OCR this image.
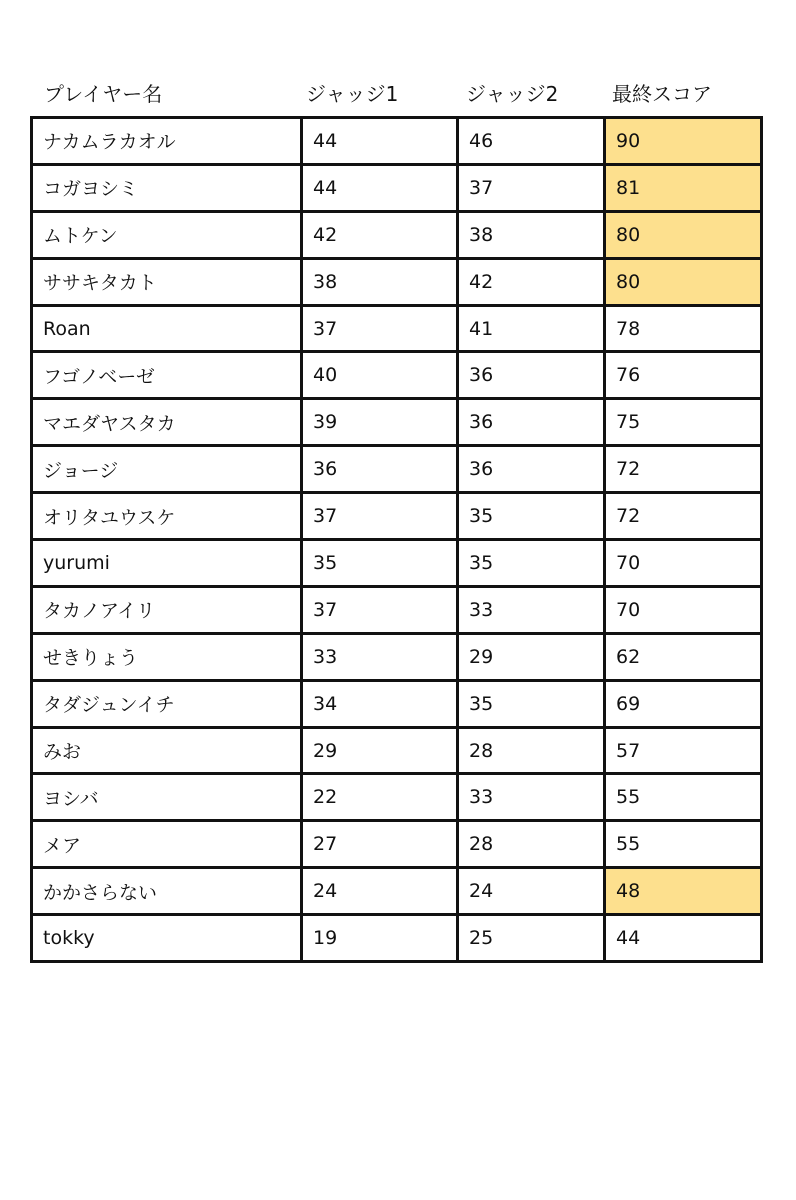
プレイヤー名	ジャッジ1	ジャッジ2	最終スコア
ナカムラカオル	44	46	90
コガヨシミ	44	37	81
ムトケン	42	38	80
ササキタカト	38	42	80
Roan	37	41	78
フゴノベーゼ	40	36	76
マエダヤスタカ	39	36	75
ジョージ	36	36	72
オリタユウスケ	37	35	72
yurumi	35	35	70
タカノアイリ	37	33	70
せきりょう	33	29	62
タダジュンイチ	34	35	69
みお	29	28	57
ヨシバ	22	33	55
メア	27	28	55
かかさらない	24	24	48
tokky	19	25	44
